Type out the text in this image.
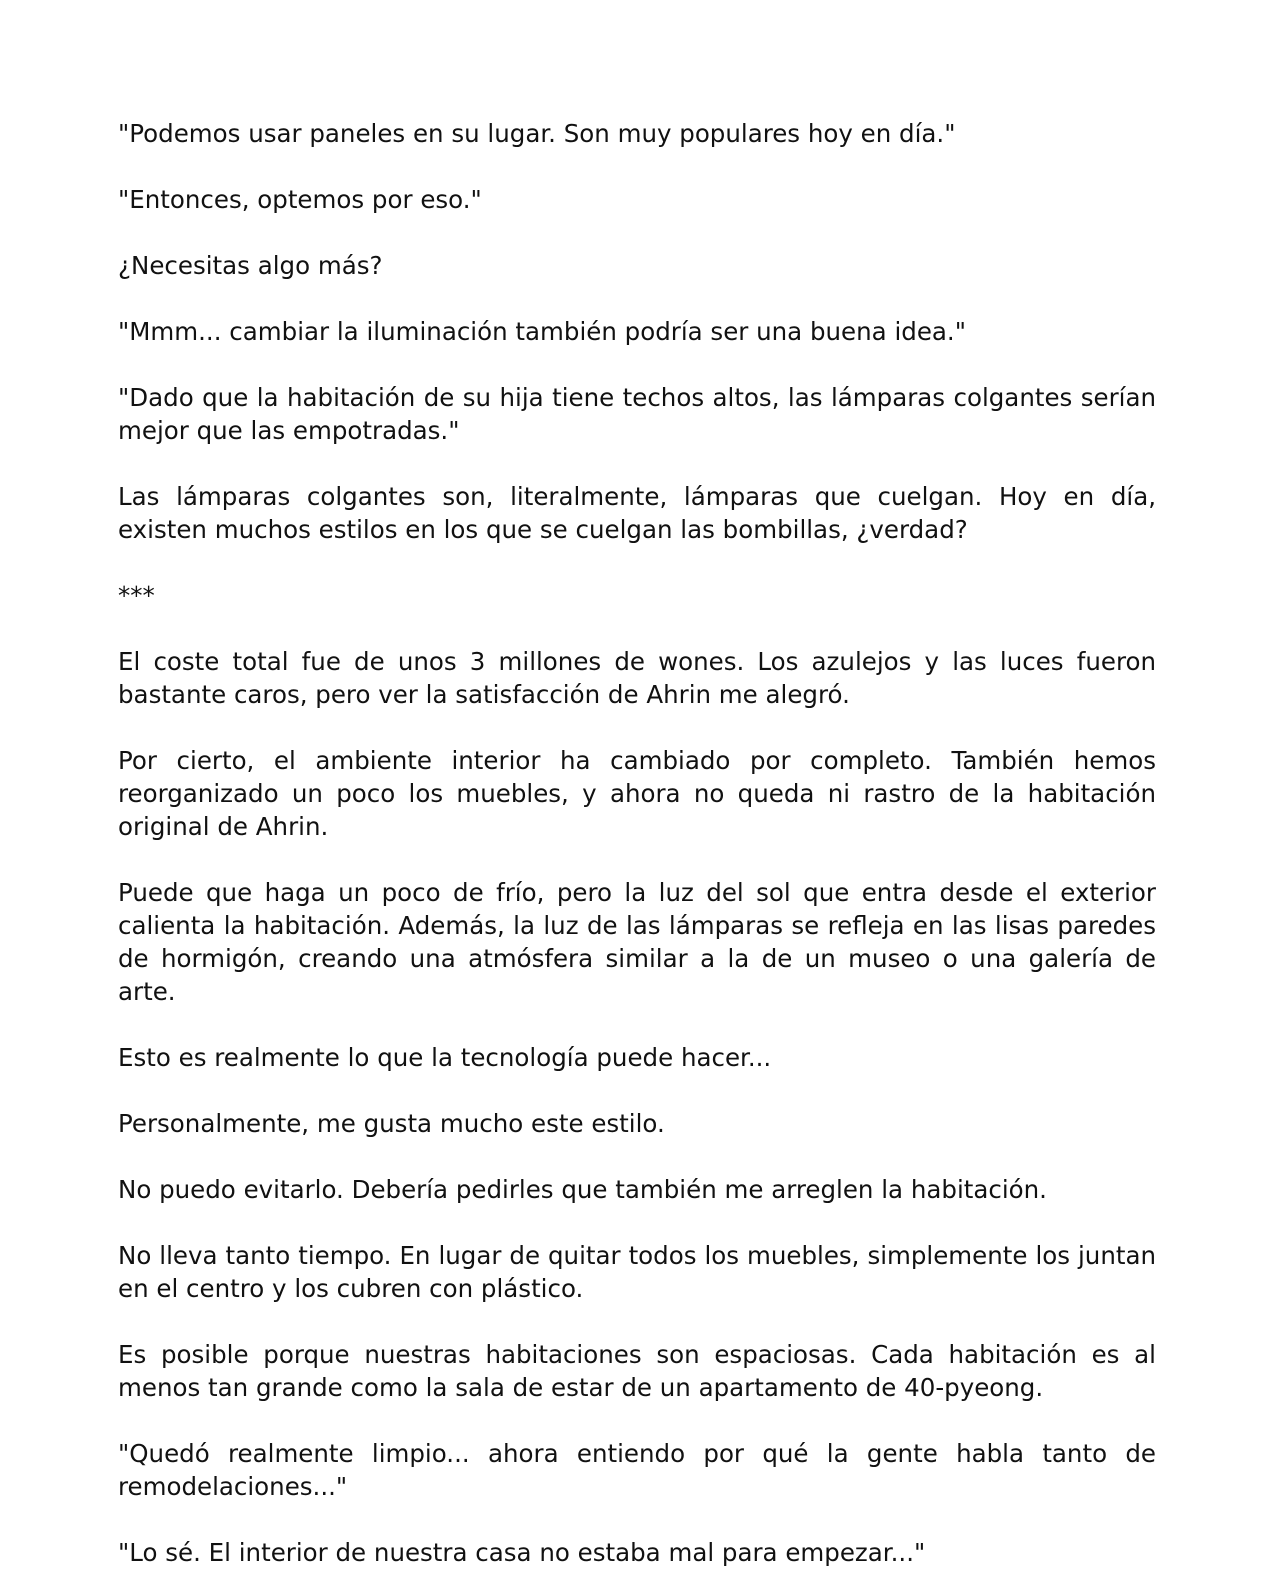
"Podemos usar paneles en su lugar. Son muy populares hoy en día."

"Entonces, optemos por eso."

¿Necesitas algo más?

"Mmm... cambiar la iluminación también podría ser una buena idea."

"Dado que la habitación de su hija tiene techos altos, las lámparas colgantes serían mejor que las empotradas."

Las lámparas colgantes son, literalmente, lámparas que cuelgan. Hoy en día, existen muchos estilos en los que se cuelgan las bombillas, ¿verdad?

***

El coste total fue de unos 3 millones de wones. Los azulejos y las luces fueron bastante caros, pero ver la satisfacción de Ahrin me alegró.

Por cierto, el ambiente interior ha cambiado por completo. También hemos reorganizado un poco los muebles, y ahora no queda ni rastro de la habitación original de Ahrin.

Puede que haga un poco de frío, pero la luz del sol que entra desde el exterior calienta la habitación. Además, la luz de las lámparas se refleja en las lisas paredes de hormigón, creando una atmósfera similar a la de un museo o una galería de arte.

Esto es realmente lo que la tecnología puede hacer...

Personalmente, me gusta mucho este estilo.

No puedo evitarlo. Debería pedirles que también me arreglen la habitación.

No lleva tanto tiempo. En lugar de quitar todos los muebles, simplemente los juntan en el centro y los cubren con plástico.

Es posible porque nuestras habitaciones son espaciosas. Cada habitación es al menos tan grande como la sala de estar de un apartamento de 40-pyeong.

"Quedó realmente limpio... ahora entiendo por qué la gente habla tanto de remodelaciones..."

"Lo sé. El interior de nuestra casa no estaba mal para empezar..."
